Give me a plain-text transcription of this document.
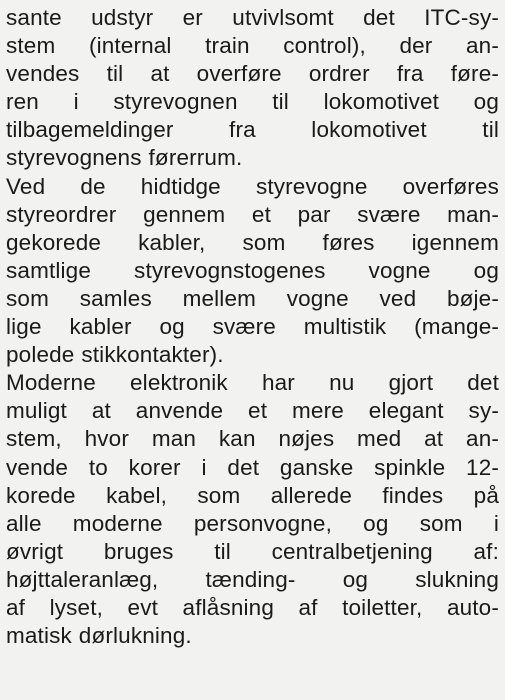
sante udstyr er utvivlsomt det ITC-sy-
stem (internal train control), der an-
vendes til at overføre ordrer fra føre-
ren i styrevognen til lokomotivet og
tilbagemeldinger fra lokomotivet til
styrevognens førerrum.
Ved de hidtidge styrevogne overføres
styreordrer gennem et par svære man-
gekorede kabler, som føres igennem
samtlige styrevognstogenes vogne og
som samles mellem vogne ved bøje-
lige kabler og svære multistik (mange-
polede stikkontakter).
Moderne elektronik har nu gjort det
muligt at anvende et mere elegant sy-
stem, hvor man kan nøjes med at an-
vende to korer i det ganske spinkle 12-
korede kabel, som allerede findes på
alle moderne personvogne, og som i
øvrigt bruges til centralbetjening af:
højttaleranlæg, tænding- og slukning
af lyset, evt aflåsning af toiletter, auto-
matisk dørlukning.
